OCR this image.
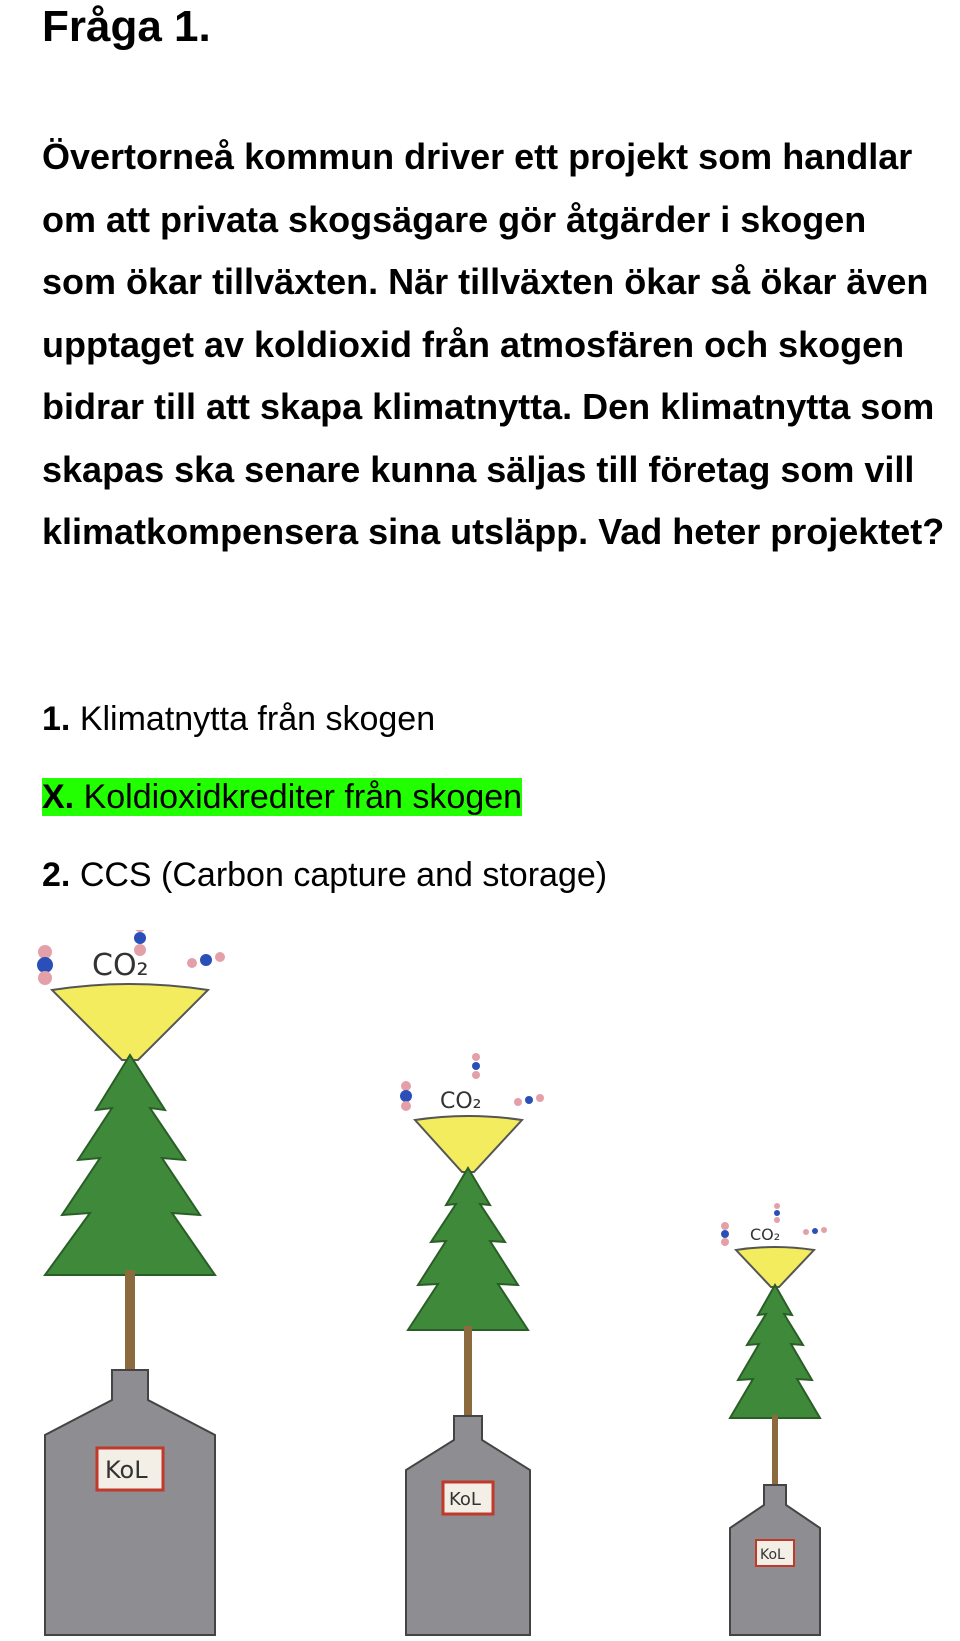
Fråga 1.

Övertorneå kommun driver ett projekt som handlar om att privata skogsägare gör åtgärder i skogen som ökar tillväxten. När tillväxten ökar så ökar även upptaget av koldioxid från atmosfären och skogen bidrar till att skapa klimatnytta. Den klimatnytta som skapas ska senare kunna säljas till företag som vill klimatkompensera sina utsläpp. Vad heter projektet?

1. Klimatnytta från skogen
X. Koldioxidkrediter från skogen
2. CCS (Carbon capture and storage)
CO₂
KoL
CO₂
KoL
CO₂
KoL
